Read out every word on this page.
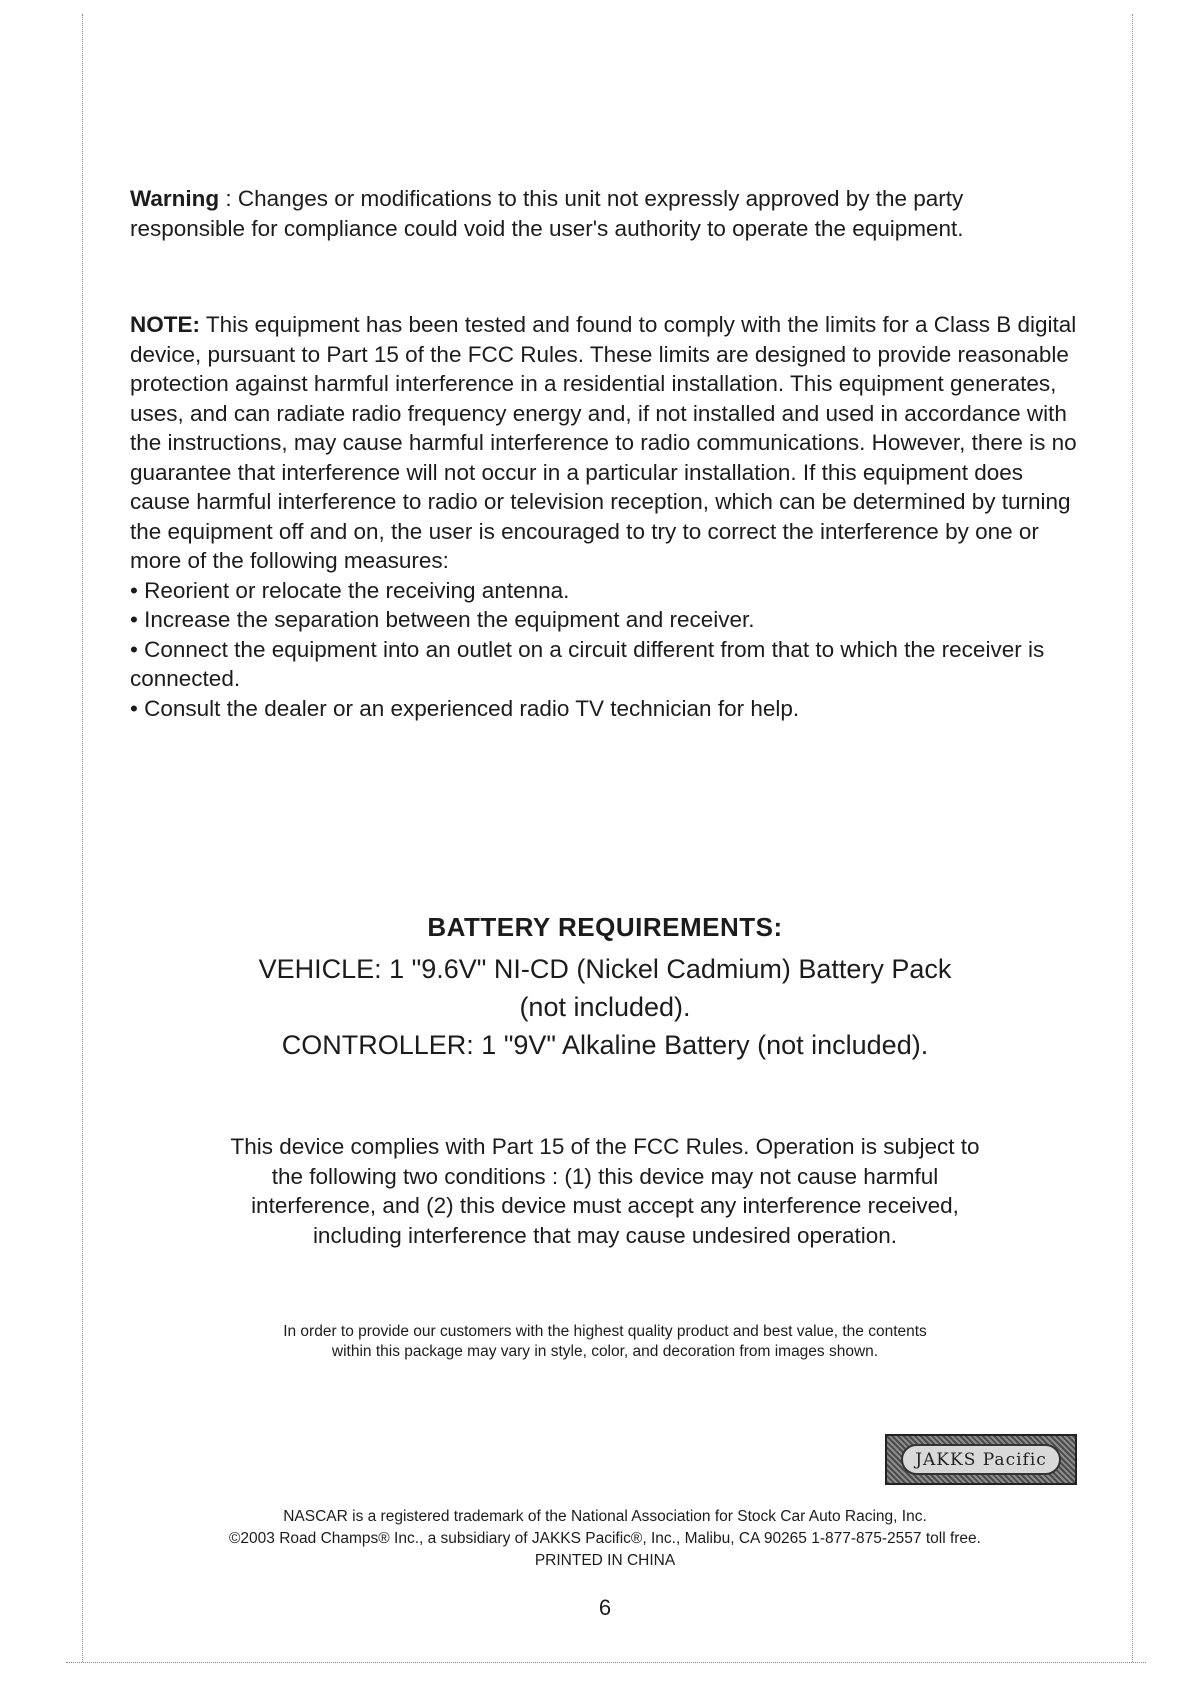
Warning : Changes or modifications to this unit not expressly approved by the party responsible for compliance could void the user's authority to operate the equipment.

NOTE: This equipment has been tested and found to comply with the limits for a Class B digital device, pursuant to Part 15 of the FCC Rules. These limits are designed to provide reasonable protection against harmful interference in a residential installation. This equipment generates, uses, and can radiate radio frequency energy and, if not installed and used in accordance with the instructions, may cause harmful interference to radio communications. However, there is no guarantee that interference will not occur in a particular installation. If this equipment does cause harmful interference to radio or television reception, which can be determined by turning the equipment off and on, the user is encouraged to try to correct the interference by one or more of the following measures:

• Reorient or relocate the receiving antenna.

• Increase the separation between the equipment and receiver.

• Connect the equipment into an outlet on a circuit different from that to which the receiver is connected.

• Consult the dealer or an experienced radio TV technician for help.

BATTERY REQUIREMENTS:
VEHICLE: 1 "9.6V" NI-CD (Nickel Cadmium) Battery Pack
(not included).
CONTROLLER: 1 "9V" Alkaline Battery (not included).
This device complies with Part 15 of the FCC Rules. Operation is subject to
the following two conditions : (1) this device may not cause harmful
interference, and (2) this device must accept any interference received,
including interference that may cause undesired operation.
In order to provide our customers with the highest quality product and best value, the contents
within this package may vary in style, color, and decoration from images shown.
JAKKS Pacific
NASCAR is a registered trademark of the National Association for Stock Car Auto Racing, Inc.
©2003 Road Champs® Inc., a subsidiary of JAKKS Pacific®, Inc., Malibu, CA 90265 1-877-875-2557 toll free.
PRINTED IN CHINA
6
